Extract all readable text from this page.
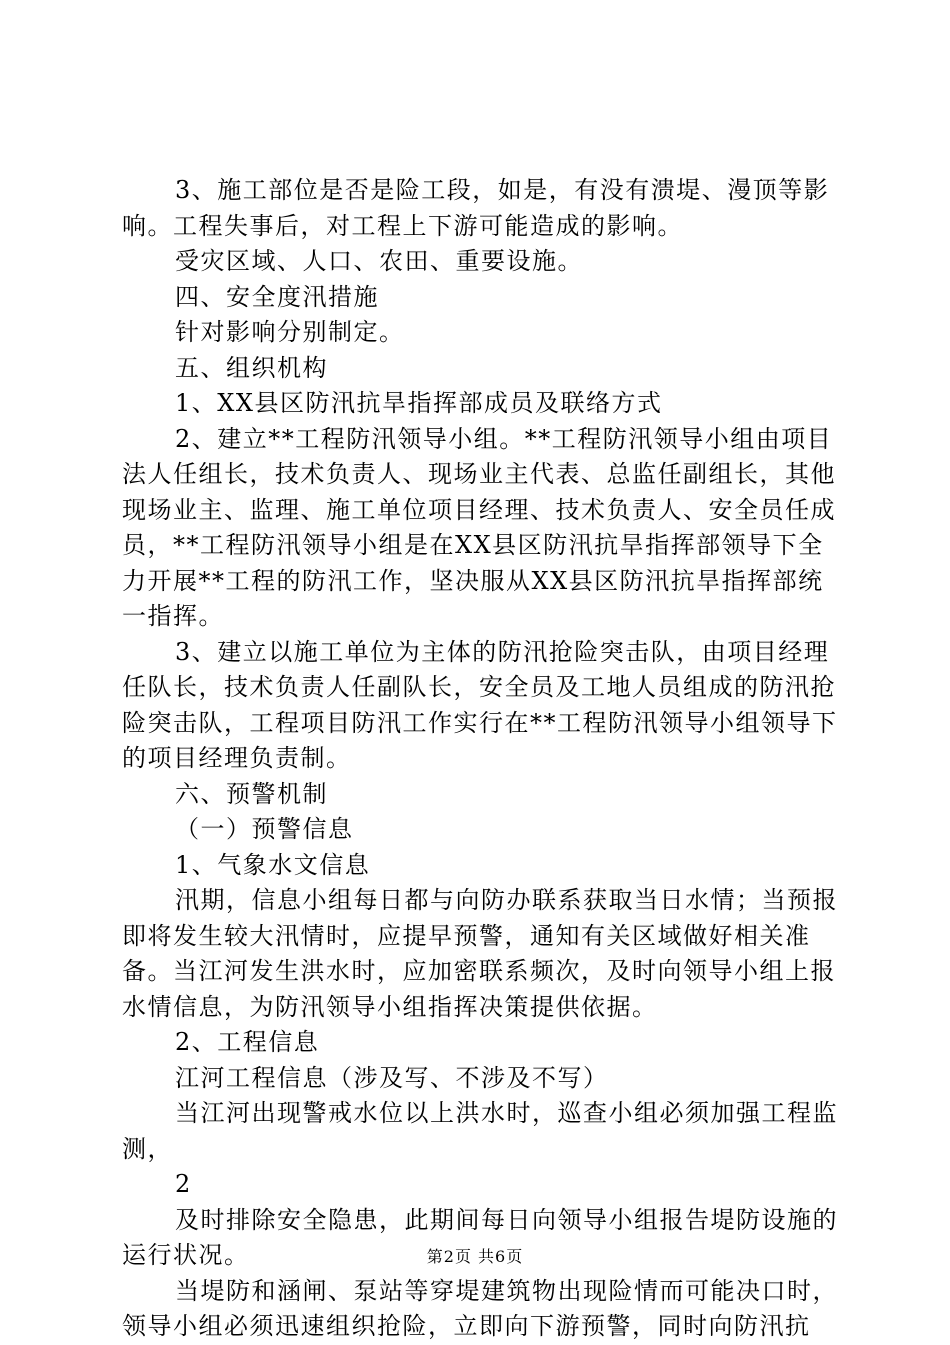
3、施工部位是否是险工段，如是，有没有溃堤、漫顶等影响。工程失事后，对工程上下游可能造成的影响。

受灾区域、人口、农田、重要设施。

四、安全度汛措施

针对影响分别制定。

五、组织机构

1、XX县区防汛抗旱指挥部成员及联络方式

2、建立**工程防汛领导小组。**工程防汛领导小组由项目法人任组长，技术负责人、现场业主代表、总监任副组长，其他现场业主、监理、施工单位项目经理、技术负责人、安全员任成员，**工程防汛领导小组是在XX县区防汛抗旱指挥部领导下全力开展**工程的防汛工作，坚决服从XX县区防汛抗旱指挥部统一指挥。

3、建立以施工单位为主体的防汛抢险突击队，由项目经理任队长，技术负责人任副队长，安全员及工地人员组成的防汛抢险突击队，工程项目防汛工作实行在**工程防汛领导小组领导下的项目经理负责制。

六、预警机制

（一）预警信息

1、气象水文信息

汛期，信息小组每日都与向防办联系获取当日水情；当预报即将发生较大汛情时，应提早预警，通知有关区域做好相关准备。当江河发生洪水时，应加密联系频次，及时向领导小组上报水情信息，为防汛领导小组指挥决策提供依据。

2、工程信息

江河工程信息（涉及写、不涉及不写）

当江河出现警戒水位以上洪水时，巡查小组必须加强工程监测，

2

及时排除安全隐患，此期间每日向领导小组报告堤防设施的运行状况。

当堤防和涵闸、泵站等穿堤建筑物出现险情而可能决口时，领导小组必须迅速组织抢险，立即向下游预警，同时向防汛抗

第2页 共6页
